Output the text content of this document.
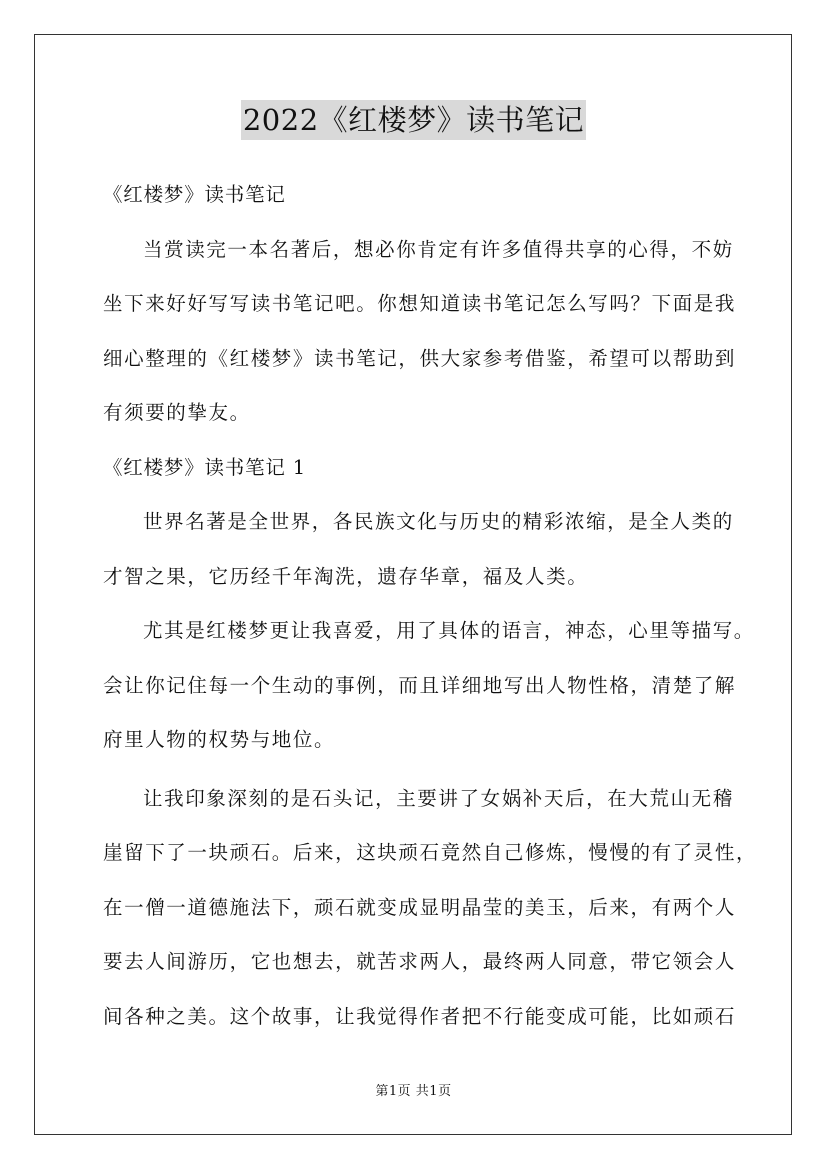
2022《红楼梦》读书笔记
《红楼梦》读书笔记
当赏读完一本名著后，想必你肯定有许多值得共享的心得，不妨
坐下来好好写写读书笔记吧。你想知道读书笔记怎么写吗？下面是我
细心整理的《红楼梦》读书笔记，供大家参考借鉴，希望可以帮助到
有须要的挚友。
《红楼梦》读书笔记 1
世界名著是全世界，各民族文化与历史的精彩浓缩，是全人类的
才智之果，它历经千年淘洗，遗存华章，福及人类。
尤其是红楼梦更让我喜爱，用了具体的语言，神态，心里等描写。
会让你记住每一个生动的事例，而且详细地写出人物性格，清楚了解
府里人物的权势与地位。
让我印象深刻的是石头记，主要讲了女娲补天后，在大荒山无稽
崖留下了一块顽石。后来，这块顽石竟然自己修炼，慢慢的有了灵性，
在一僧一道德施法下，顽石就变成显明晶莹的美玉，后来，有两个人
要去人间游历，它也想去，就苦求两人，最终两人同意，带它领会人
间各种之美。这个故事，让我觉得作者把不行能变成可能，比如顽石
第1页 共1页
